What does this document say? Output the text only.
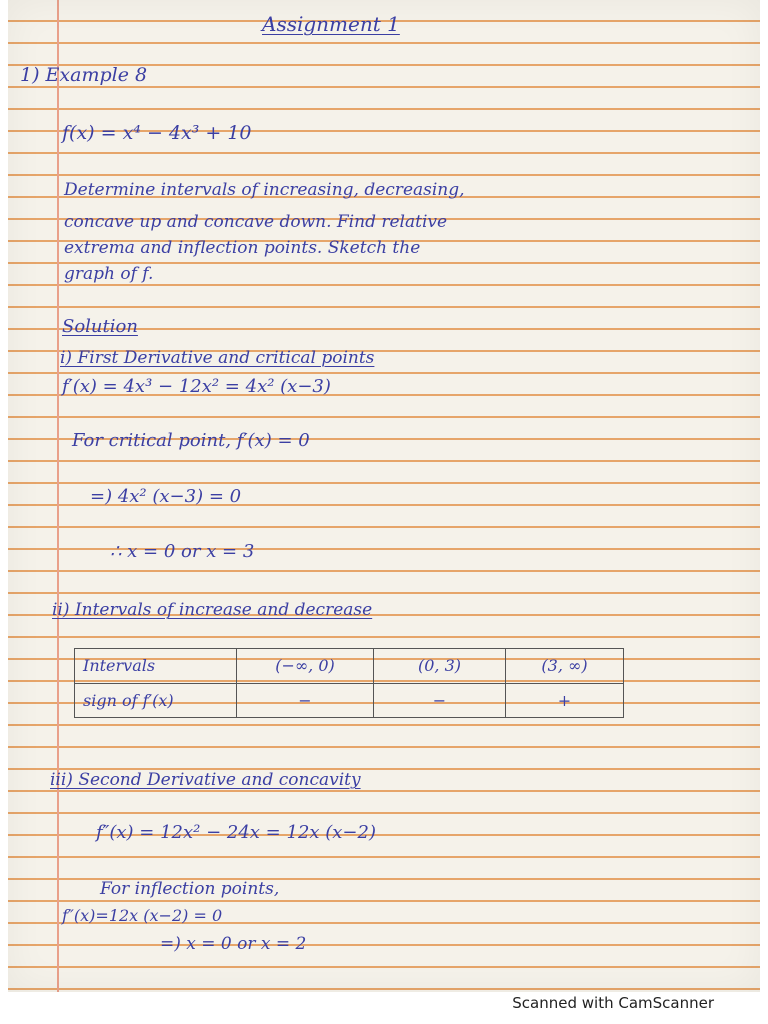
Assignment 1
1) Example 8
f(x) = x⁴ − 4x³ + 10
Determine intervals of increasing, decreasing,
concave up and concave down. Find relative
extrema and inflection points. Sketch the
graph of f.
Solution
i) First Derivative and critical points
f′(x) = 4x³ − 12x² = 4x² (x−3)
For critical point, f′(x) = 0
=) 4x² (x−3) = 0
∴ x = 0 or x = 3
ii) Intervals of increase and decrease
Intervals	(−∞, 0)	(0, 3)	(3, ∞)
sign of f′(x)	−	−	+
iii) Second Derivative and concavity
f″(x) = 12x² − 24x = 12x (x−2)
For inflection points,
f″(x)=12x (x−2) = 0
=) x = 0 or x = 2
Scanned with CamScanner
